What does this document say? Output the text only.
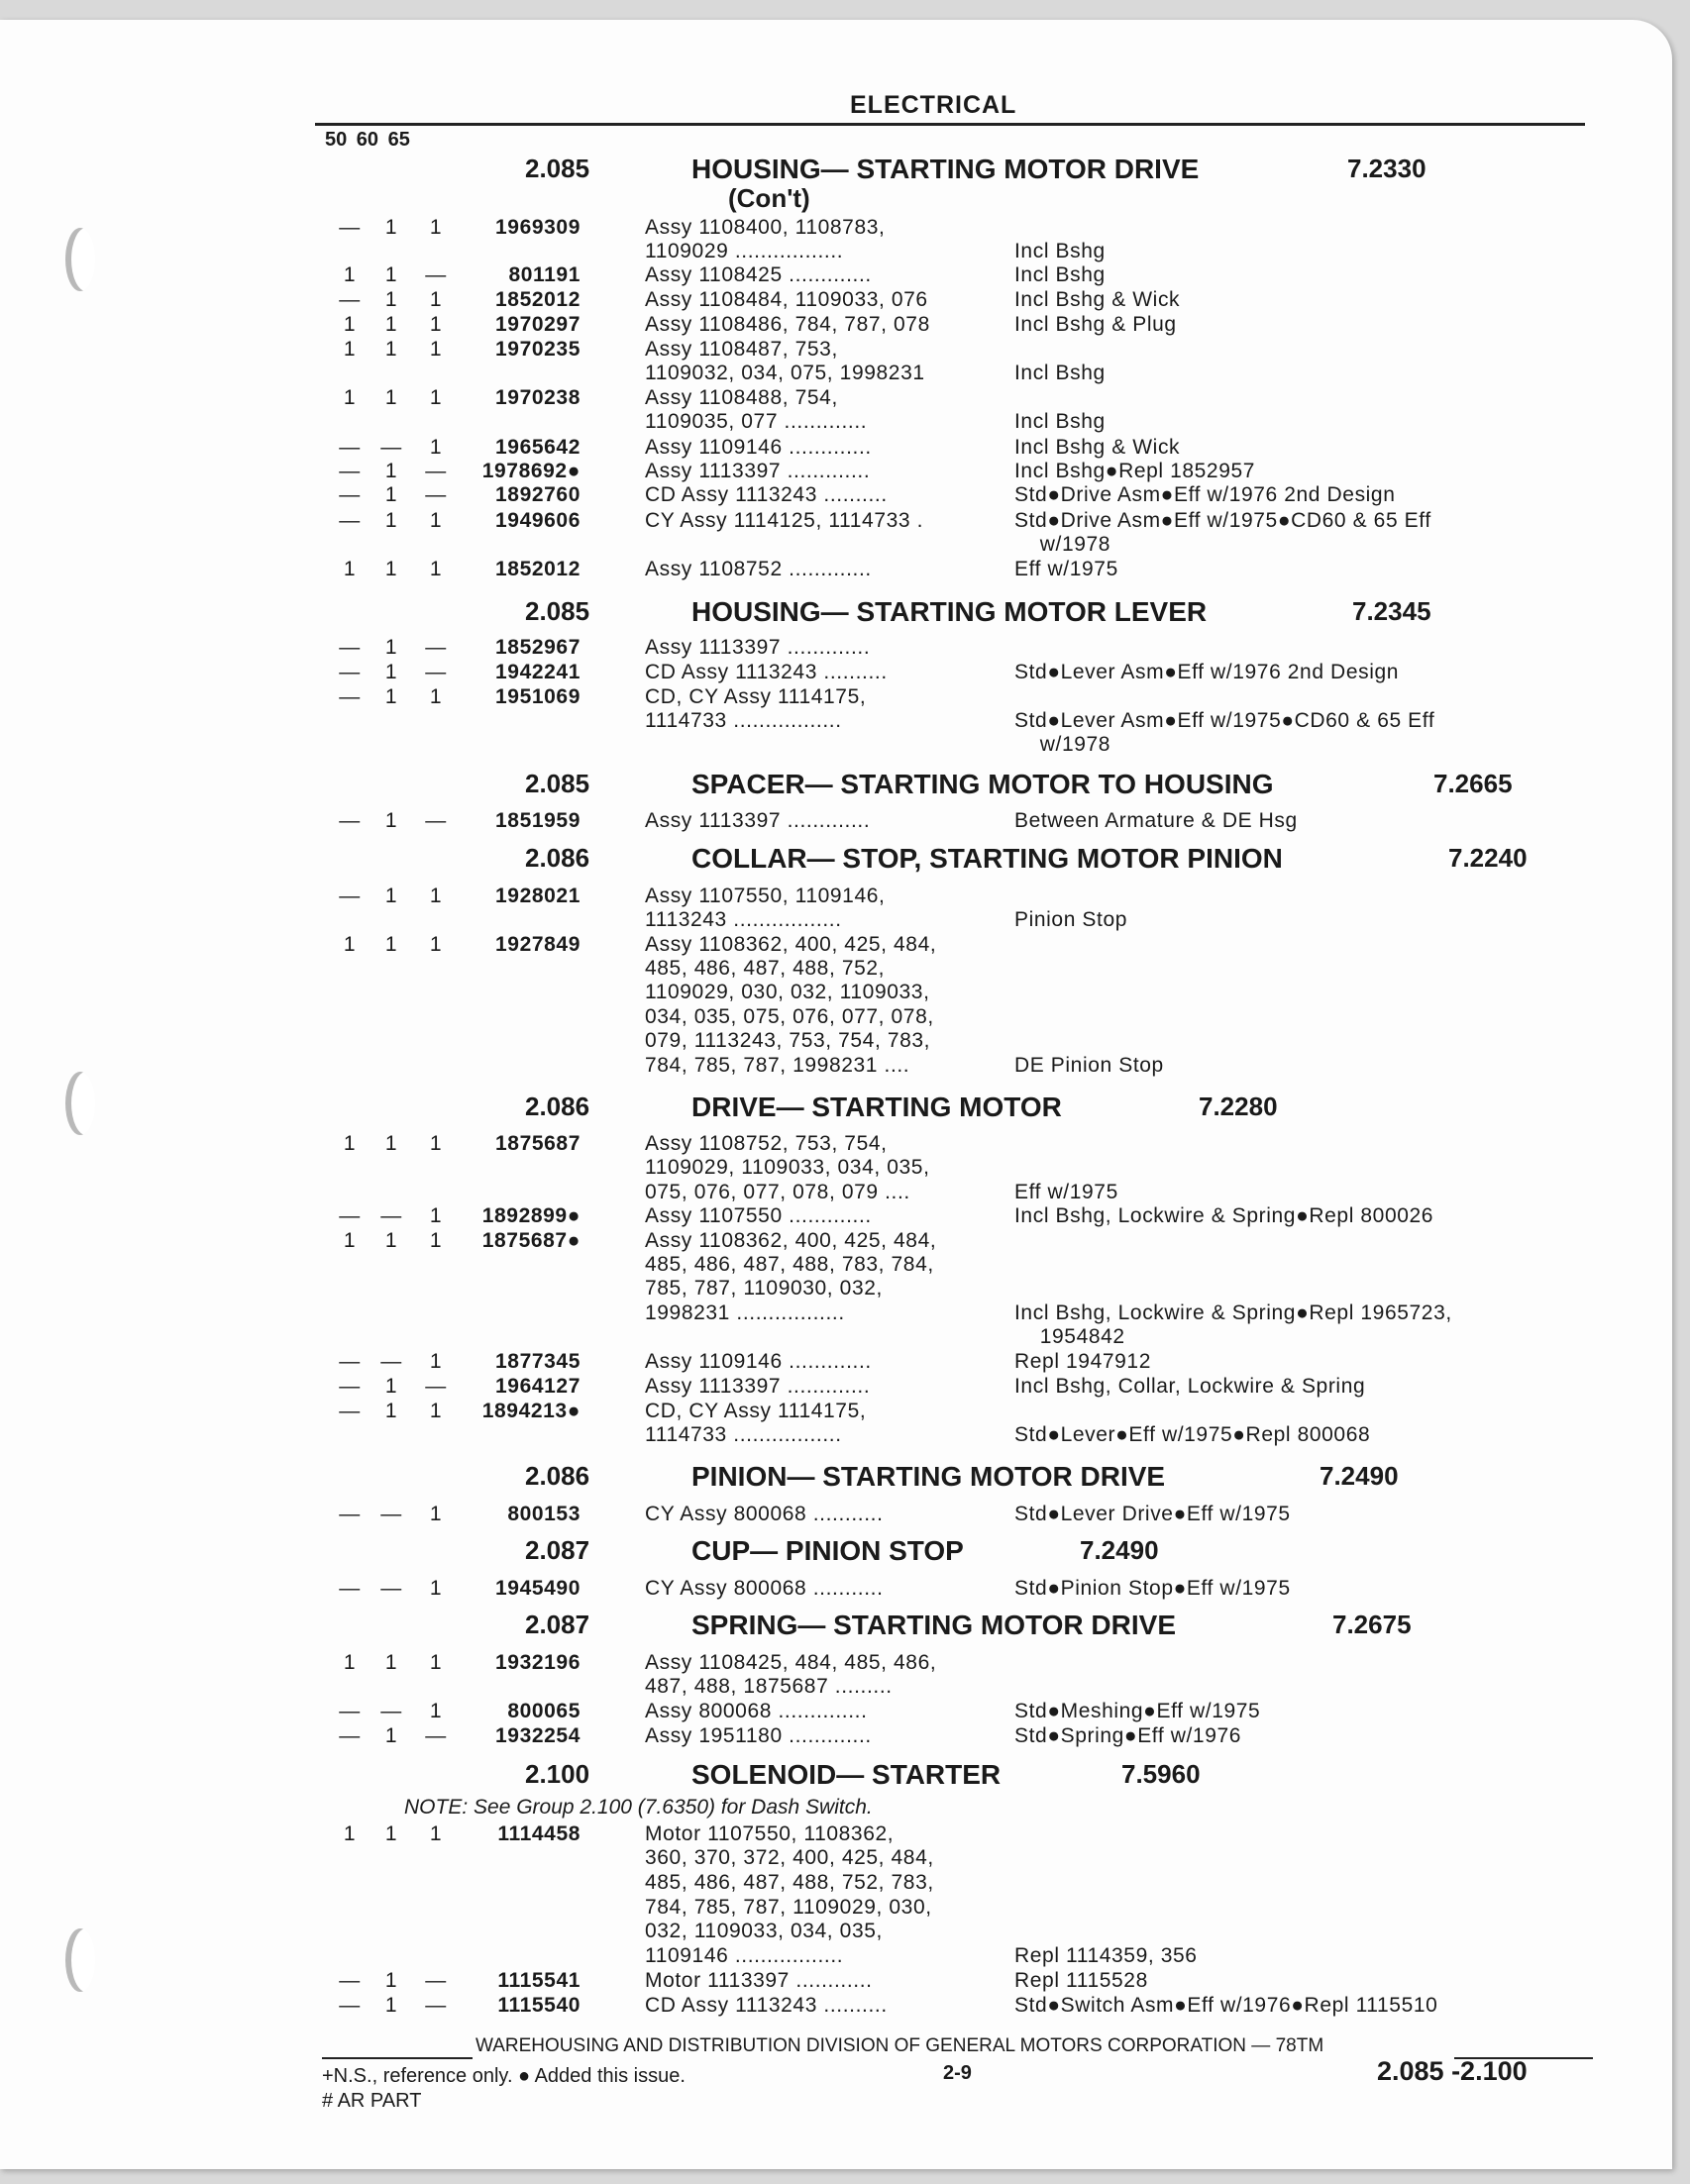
ELECTRICAL
50 60 65
2.085	HOUSING— STARTING MOTOR DRIVE
(Con't)
7.2330
2.085	HOUSING— STARTING MOTOR LEVER	7.2345
2.085	SPACER— STARTING MOTOR TO HOUSING	7.2665
2.086	COLLAR— STOP, STARTING MOTOR PINION	7.2240
2.086	DRIVE— STARTING MOTOR	7.2280
2.086	PINION— STARTING MOTOR DRIVE	7.2490
2.087	CUP— PINION STOP	7.2490
2.087	SPRING— STARTING MOTOR DRIVE	7.2675
2.100	SOLENOID— STARTER	7.5960
—	1	1	1969309	Assy 1108400, 1108783,
1109029 .................	Incl Bshg
1	1	—	801191	Assy 1108425 .............	Incl Bshg
—	1	1	1852012	Assy 1108484, 1109033, 076	Incl Bshg & Wick
1	1	1	1970297	Assy 1108486, 784, 787, 078	Incl Bshg & Plug
1	1	1	1970235	Assy 1108487, 753,
1109032, 034, 075, 1998231	Incl Bshg
1	1	1	1970238	Assy 1108488, 754,
1109035, 077 .............	Incl Bshg
— —	1	1965642	Assy 1109146 .............	Incl Bshg & Wick
—	1	—	1978692●	Assy 1113397 .............	Incl Bshg●Repl 1852957
—	1	—	1892760	CD Assy 1113243 ..........	Std●Drive Asm●Eff w/1976 2nd Design
—	1	1	1949606	CY Assy 1114125, 1114733 .	Std●Drive Asm●Eff w/1975●CD60 & 65 Eff
w/1978
1	1	1	1852012	Assy 1108752 .............	Eff w/1975
—	1	—	1852967	Assy 1113397 .............
—	1	—	1942241	CD Assy 1113243 ..........	Std●Lever Asm●Eff w/1976 2nd Design
—	1	1	1951069	CD, CY Assy 1114175,
1114733 .................	Std●Lever Asm●Eff w/1975●CD60 & 65 Eff
w/1978
—	1	—	1851959	Assy 1113397 .............	Between Armature & DE Hsg
—	1	1	1928021	Assy 1107550, 1109146,
1113243 .................	Pinion Stop
1	1	1	1927849	Assy 1108362, 400, 425, 484,
485, 486, 487, 488, 752,
1109029, 030, 032, 1109033,
034, 035, 075, 076, 077, 078,
079, 1113243, 753, 754, 783,
784, 785, 787, 1998231 ....	DE Pinion Stop
1	1	1	1875687	Assy 1108752, 753, 754,
1109029, 1109033, 034, 035,
075, 076, 077, 078, 079 ....	Eff w/1975
— —	1	1892899●	Assy 1107550 .............	Incl Bshg, Lockwire & Spring●Repl 800026
1	1	1	1875687●	Assy 1108362, 400, 425, 484,
485, 486, 487, 488, 783, 784,
785, 787, 1109030, 032,
1998231 .................	Incl Bshg, Lockwire & Spring●Repl 1965723,
1954842
— —	1	1877345	Assy 1109146 .............	Repl 1947912
—	1	—	1964127	Assy 1113397 .............	Incl Bshg, Collar, Lockwire & Spring
—	1	1	1894213●	CD, CY Assy 1114175,
1114733 .................	Std●Lever●Eff w/1975●Repl 800068
— —	1	800153	CY Assy 800068 ...........	Std●Lever Drive●Eff w/1975
— —	1	1945490	CY Assy 800068 ...........	Std●Pinion Stop●Eff w/1975
1	1	1	1932196	Assy 1108425, 484, 485, 486,
487, 488, 1875687 .........
— —	1	800065	Assy 800068 ..............	Std●Meshing●Eff w/1975
—	1	—	1932254	Assy 1951180 .............	Std●Spring●Eff w/1976
1	1	1	1114458	Motor 1107550, 1108362,
360, 370, 372, 400, 425, 484,
485, 486, 487, 488, 752, 783,
784, 785, 787, 1109029, 030,
032, 1109033, 034, 035,
1109146 .................	Repl 1114359, 356
—	1	—	1115541	Motor 1113397 ............	Repl 1115528
—	1	—	1115540	CD Assy 1113243 ..........	Std●Switch Asm●Eff w/1976●Repl 1115510
NOTE: See Group 2.100 (7.6350) for Dash Switch.
WAREHOUSING AND DISTRIBUTION DIVISION OF GENERAL MOTORS CORPORATION — 78TM
+N.S., reference only. ● Added this issue.	2-9	2.085 -2.100
# AR PART
